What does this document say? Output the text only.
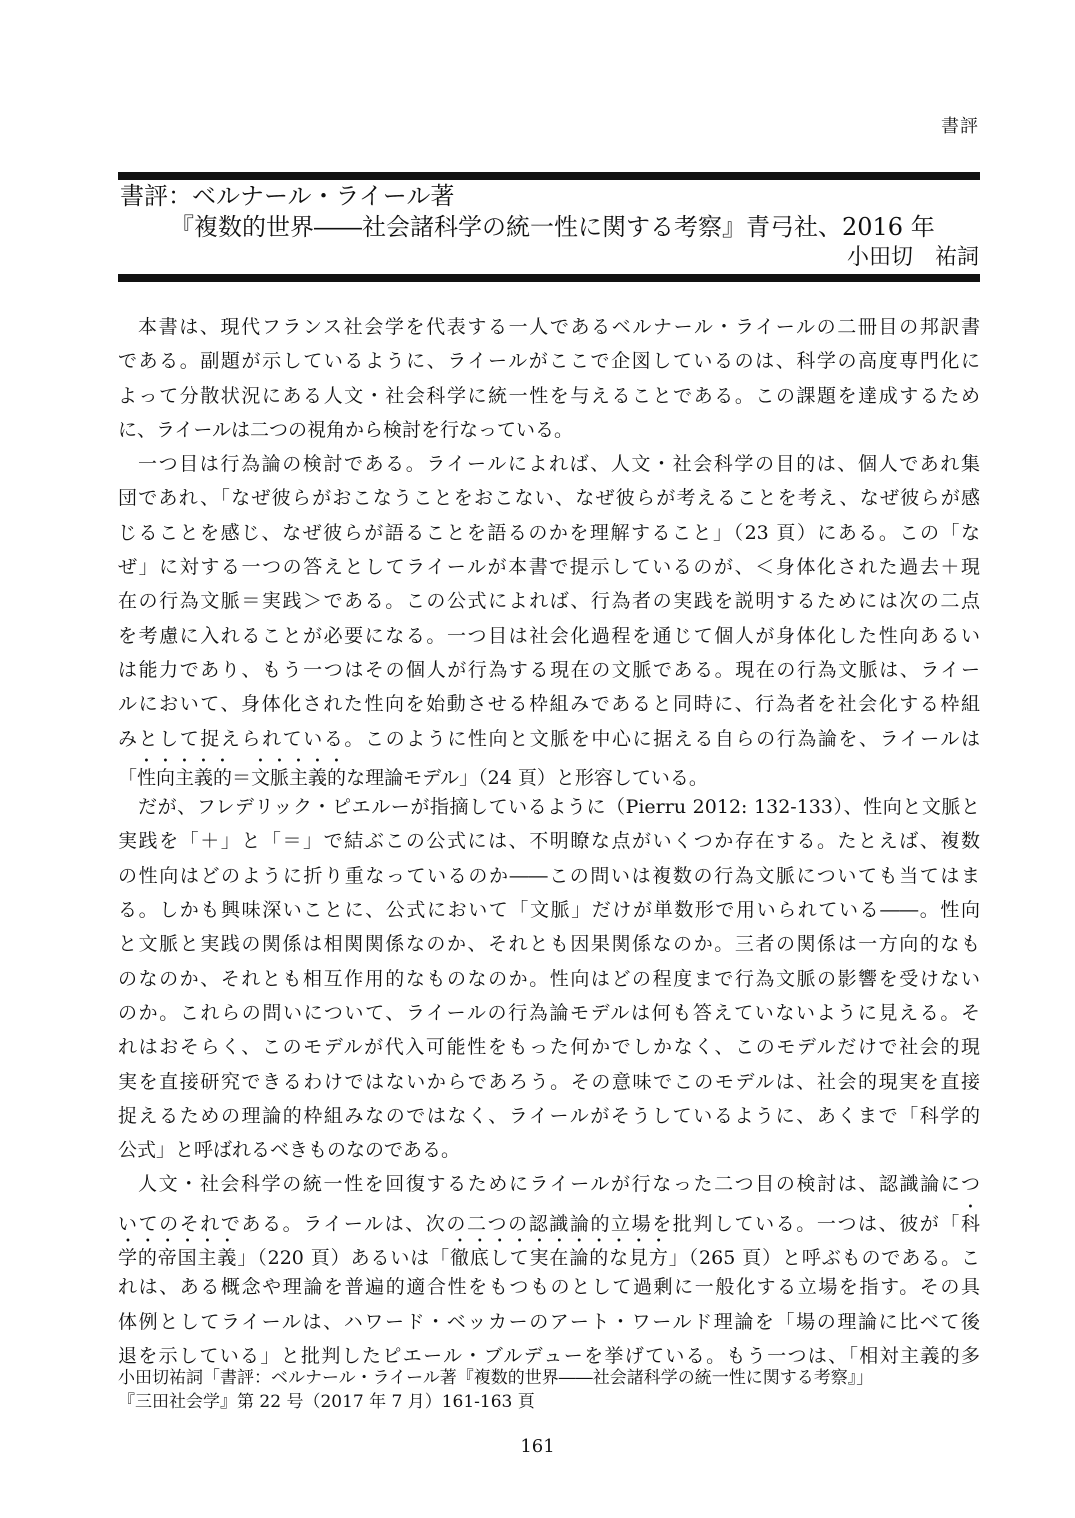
書評
書評：ベルナール・ライール著
『複数的世界――社会諸科学の統一性に関する考察』青弓社、2016 年
小田切　祐詞
本書は、現代フランス社会学を代表する一人であるベルナール・ライールの二冊目の邦訳書
である。副題が示しているように、ライールがここで企図しているのは、科学の高度専門化に
よって分散状況にある人文・社会科学に統一性を与えることである。この課題を達成するため
に、ライールは二つの視角から検討を行なっている。
一つ目は行為論の検討である。ライールによれば、人文・社会科学の目的は、個人であれ集
団であれ、「なぜ彼らがおこなうことをおこない、なぜ彼らが考えることを考え、なぜ彼らが感
じることを感じ、なぜ彼らが語ることを語るのかを理解すること」（23 頁）にある。この「な
ぜ」に対する一つの答えとしてライールが本書で提示しているのが、＜身体化された過去＋現
在の行為文脈＝実践＞である。この公式によれば、行為者の実践を説明するためには次の二点
を考慮に入れることが必要になる。一つ目は社会化過程を通じて個人が身体化した性向あるい
は能力であり、もう一つはその個人が行為する現在の文脈である。現在の行為文脈は、ライー
ルにおいて、身体化された性向を始動させる枠組みであると同時に、行為者を社会化する枠組
みとして捉えられている。このように性向と文脈を中心に据える自らの行為論を、ライールは
「性向主義的＝文脈主義的な理論モデル」（24 頁）と形容している。
だが、フレデリック・ピエルーが指摘しているように（Pierru 2012: 132-133）、性向と文脈と
実践を「＋」と「＝」で結ぶこの公式には、不明瞭な点がいくつか存在する。たとえば、複数
の性向はどのように折り重なっているのか――この問いは複数の行為文脈についても当てはま
る。しかも興味深いことに、公式において「文脈」だけが単数形で用いられている――。性向
と文脈と実践の関係は相関関係なのか、それとも因果関係なのか。三者の関係は一方向的なも
のなのか、それとも相互作用的なものなのか。性向はどの程度まで行為文脈の影響を受けない
のか。これらの問いについて、ライールの行為論モデルは何も答えていないように見える。そ
れはおそらく、このモデルが代入可能性をもった何かでしかなく、このモデルだけで社会的現
実を直接研究できるわけではないからであろう。その意味でこのモデルは、社会的現実を直接
捉えるための理論的枠組みなのではなく、ライールがそうしているように、あくまで「科学的
公式」と呼ばれるべきものなのである。
人文・社会科学の統一性を回復するためにライールが行なった二つ目の検討は、認識論につ
いてのそれである。ライールは、次の二つの認識論的立場を批判している。一つは、彼が「科
学的帝国主義」（220 頁）あるいは「徹底して実在論的な見方」（265 頁）と呼ぶものである。こ
れは、ある概念や理論を普遍的適合性をもつものとして過剰に一般化する立場を指す。その具
体例としてライールは、ハワード・ベッカーのアート・ワールド理論を「場の理論に比べて後
退を示している」と批判したピエール・ブルデューを挙げている。もう一つは、「相対主義的多
小田切祐詞「書評：ベルナール・ライール著『複数的世界――社会諸科学の統一性に関する考察』」
『三田社会学』第 22 号（2017 年 7 月）161-163 頁
161
